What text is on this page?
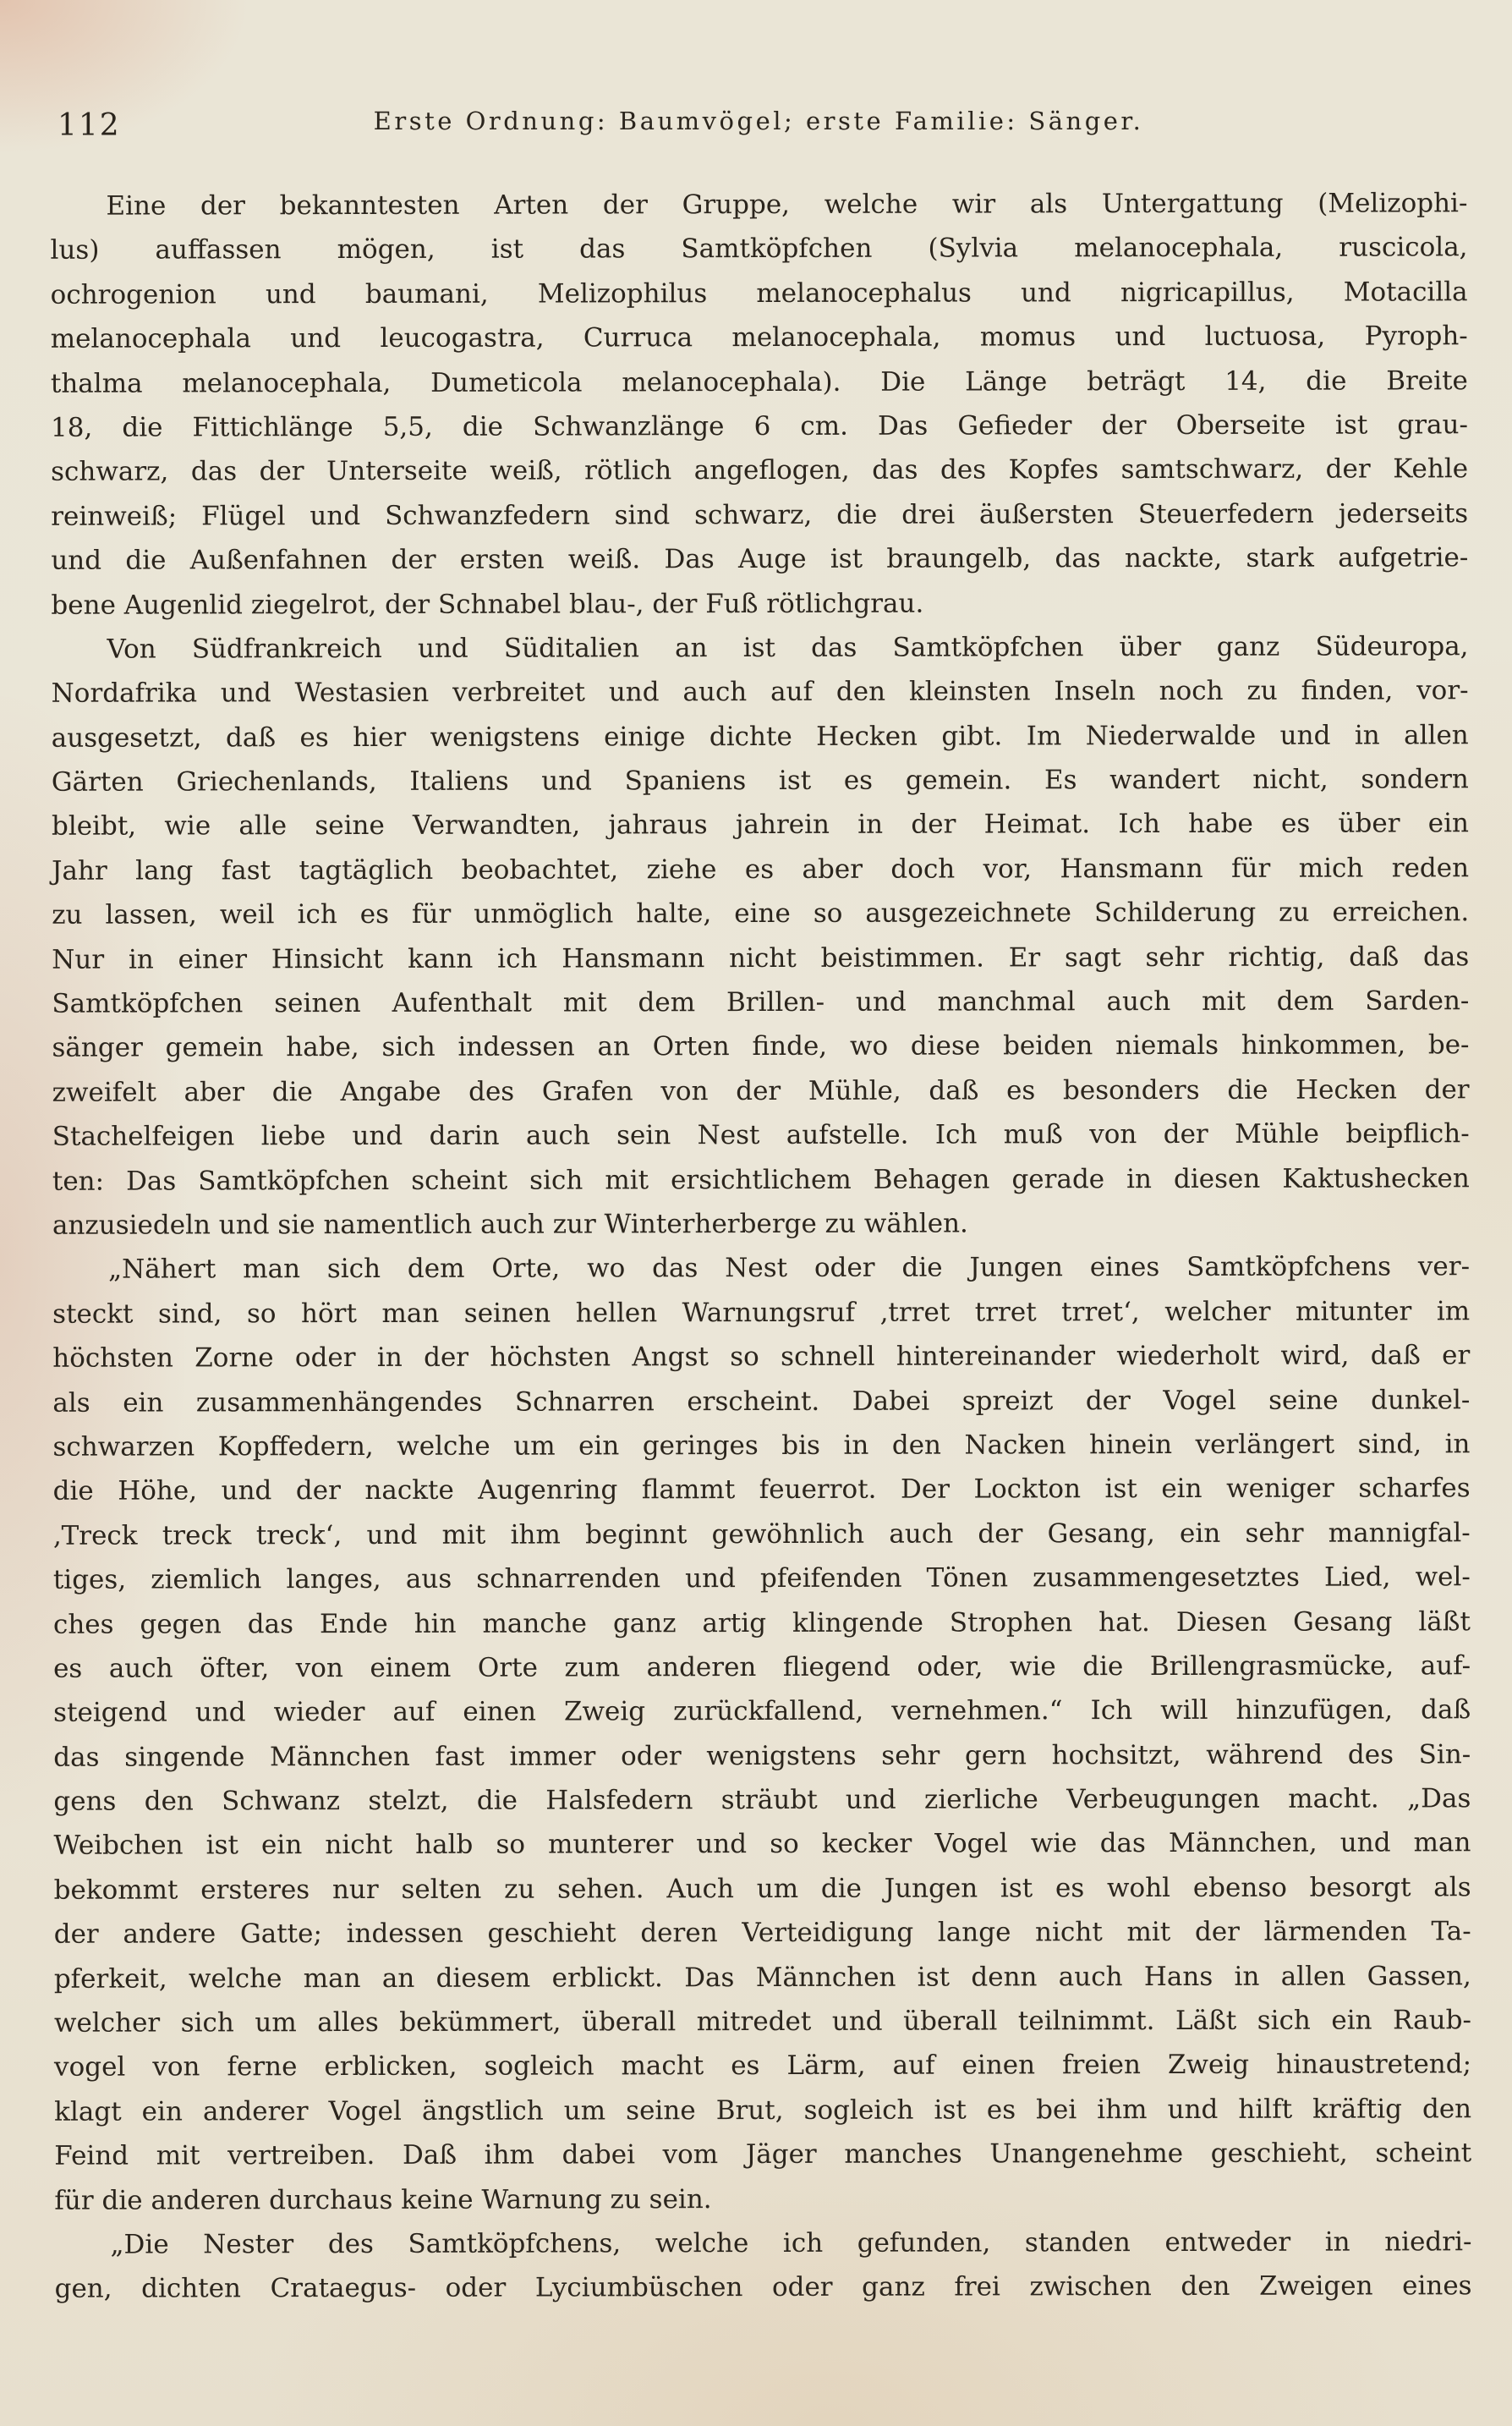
112	Erste Ordnung: Baumvögel; erste Familie: Sänger.
Eine der bekanntesten Arten der Gruppe, welche wir als Untergattung (Melizophi-
lus) auffassen mögen, ist das Samtköpfchen (Sylvia melanocephala, ruscicola,
ochrogenion und baumani, Melizophilus melanocephalus und nigricapillus, Motacilla
melanocephala und leucogastra, Curruca melanocephala, momus und luctuosa, Pyroph-
thalma melanocephala, Dumeticola melanocephala). Die Länge beträgt 14, die Breite
18, die Fittichlänge 5,5, die Schwanzlänge 6 cm. Das Gefieder der Oberseite ist grau-
schwarz, das der Unterseite weiß, rötlich angeflogen, das des Kopfes samtschwarz, der Kehle
reinweiß; Flügel und Schwanzfedern sind schwarz, die drei äußersten Steuerfedern jederseits
und die Außenfahnen der ersten weiß. Das Auge ist braungelb, das nackte, stark aufgetrie-
bene Augenlid ziegelrot, der Schnabel blau-, der Fuß rötlichgrau.
Von Südfrankreich und Süditalien an ist das Samtköpfchen über ganz Südeuropa,
Nordafrika und Westasien verbreitet und auch auf den kleinsten Inseln noch zu finden, vor-
ausgesetzt, daß es hier wenigstens einige dichte Hecken gibt. Im Niederwalde und in allen
Gärten Griechenlands, Italiens und Spaniens ist es gemein. Es wandert nicht, sondern
bleibt, wie alle seine Verwandten, jahraus jahrein in der Heimat. Ich habe es über ein
Jahr lang fast tagtäglich beobachtet, ziehe es aber doch vor, Hansmann für mich reden
zu lassen, weil ich es für unmöglich halte, eine so ausgezeichnete Schilderung zu erreichen.
Nur in einer Hinsicht kann ich Hansmann nicht beistimmen. Er sagt sehr richtig, daß das
Samtköpfchen seinen Aufenthalt mit dem Brillen- und manchmal auch mit dem Sarden-
sänger gemein habe, sich indessen an Orten finde, wo diese beiden niemals hinkommen, be-
zweifelt aber die Angabe des Grafen von der Mühle, daß es besonders die Hecken der
Stachelfeigen liebe und darin auch sein Nest aufstelle. Ich muß von der Mühle beipflich-
ten: Das Samtköpfchen scheint sich mit ersichtlichem Behagen gerade in diesen Kaktushecken
anzusiedeln und sie namentlich auch zur Winterherberge zu wählen.
„Nähert man sich dem Orte, wo das Nest oder die Jungen eines Samtköpfchens ver-
steckt sind, so hört man seinen hellen Warnungsruf ‚trret trret trret‘, welcher mitunter im
höchsten Zorne oder in der höchsten Angst so schnell hintereinander wiederholt wird, daß er
als ein zusammenhängendes Schnarren erscheint. Dabei spreizt der Vogel seine dunkel-
schwarzen Kopffedern, welche um ein geringes bis in den Nacken hinein verlängert sind, in
die Höhe, und der nackte Augenring flammt feuerrot. Der Lockton ist ein weniger scharfes
‚Treck treck treck‘, und mit ihm beginnt gewöhnlich auch der Gesang, ein sehr mannigfal-
tiges, ziemlich langes, aus schnarrenden und pfeifenden Tönen zusammengesetztes Lied, wel-
ches gegen das Ende hin manche ganz artig klingende Strophen hat. Diesen Gesang läßt
es auch öfter, von einem Orte zum anderen fliegend oder, wie die Brillengrasmücke, auf-
steigend und wieder auf einen Zweig zurückfallend, vernehmen.“ Ich will hinzufügen, daß
das singende Männchen fast immer oder wenigstens sehr gern hochsitzt, während des Sin-
gens den Schwanz stelzt, die Halsfedern sträubt und zierliche Verbeugungen macht. „Das
Weibchen ist ein nicht halb so munterer und so kecker Vogel wie das Männchen, und man
bekommt ersteres nur selten zu sehen. Auch um die Jungen ist es wohl ebenso besorgt als
der andere Gatte; indessen geschieht deren Verteidigung lange nicht mit der lärmenden Ta-
pferkeit, welche man an diesem erblickt. Das Männchen ist denn auch Hans in allen Gassen,
welcher sich um alles bekümmert, überall mitredet und überall teilnimmt. Läßt sich ein Raub-
vogel von ferne erblicken, sogleich macht es Lärm, auf einen freien Zweig hinaustretend;
klagt ein anderer Vogel ängstlich um seine Brut, sogleich ist es bei ihm und hilft kräftig den
Feind mit vertreiben. Daß ihm dabei vom Jäger manches Unangenehme geschieht, scheint
für die anderen durchaus keine Warnung zu sein.
„Die Nester des Samtköpfchens, welche ich gefunden, standen entweder in niedri-
gen, dichten Crataegus- oder Lyciumbüschen oder ganz frei zwischen den Zweigen eines
